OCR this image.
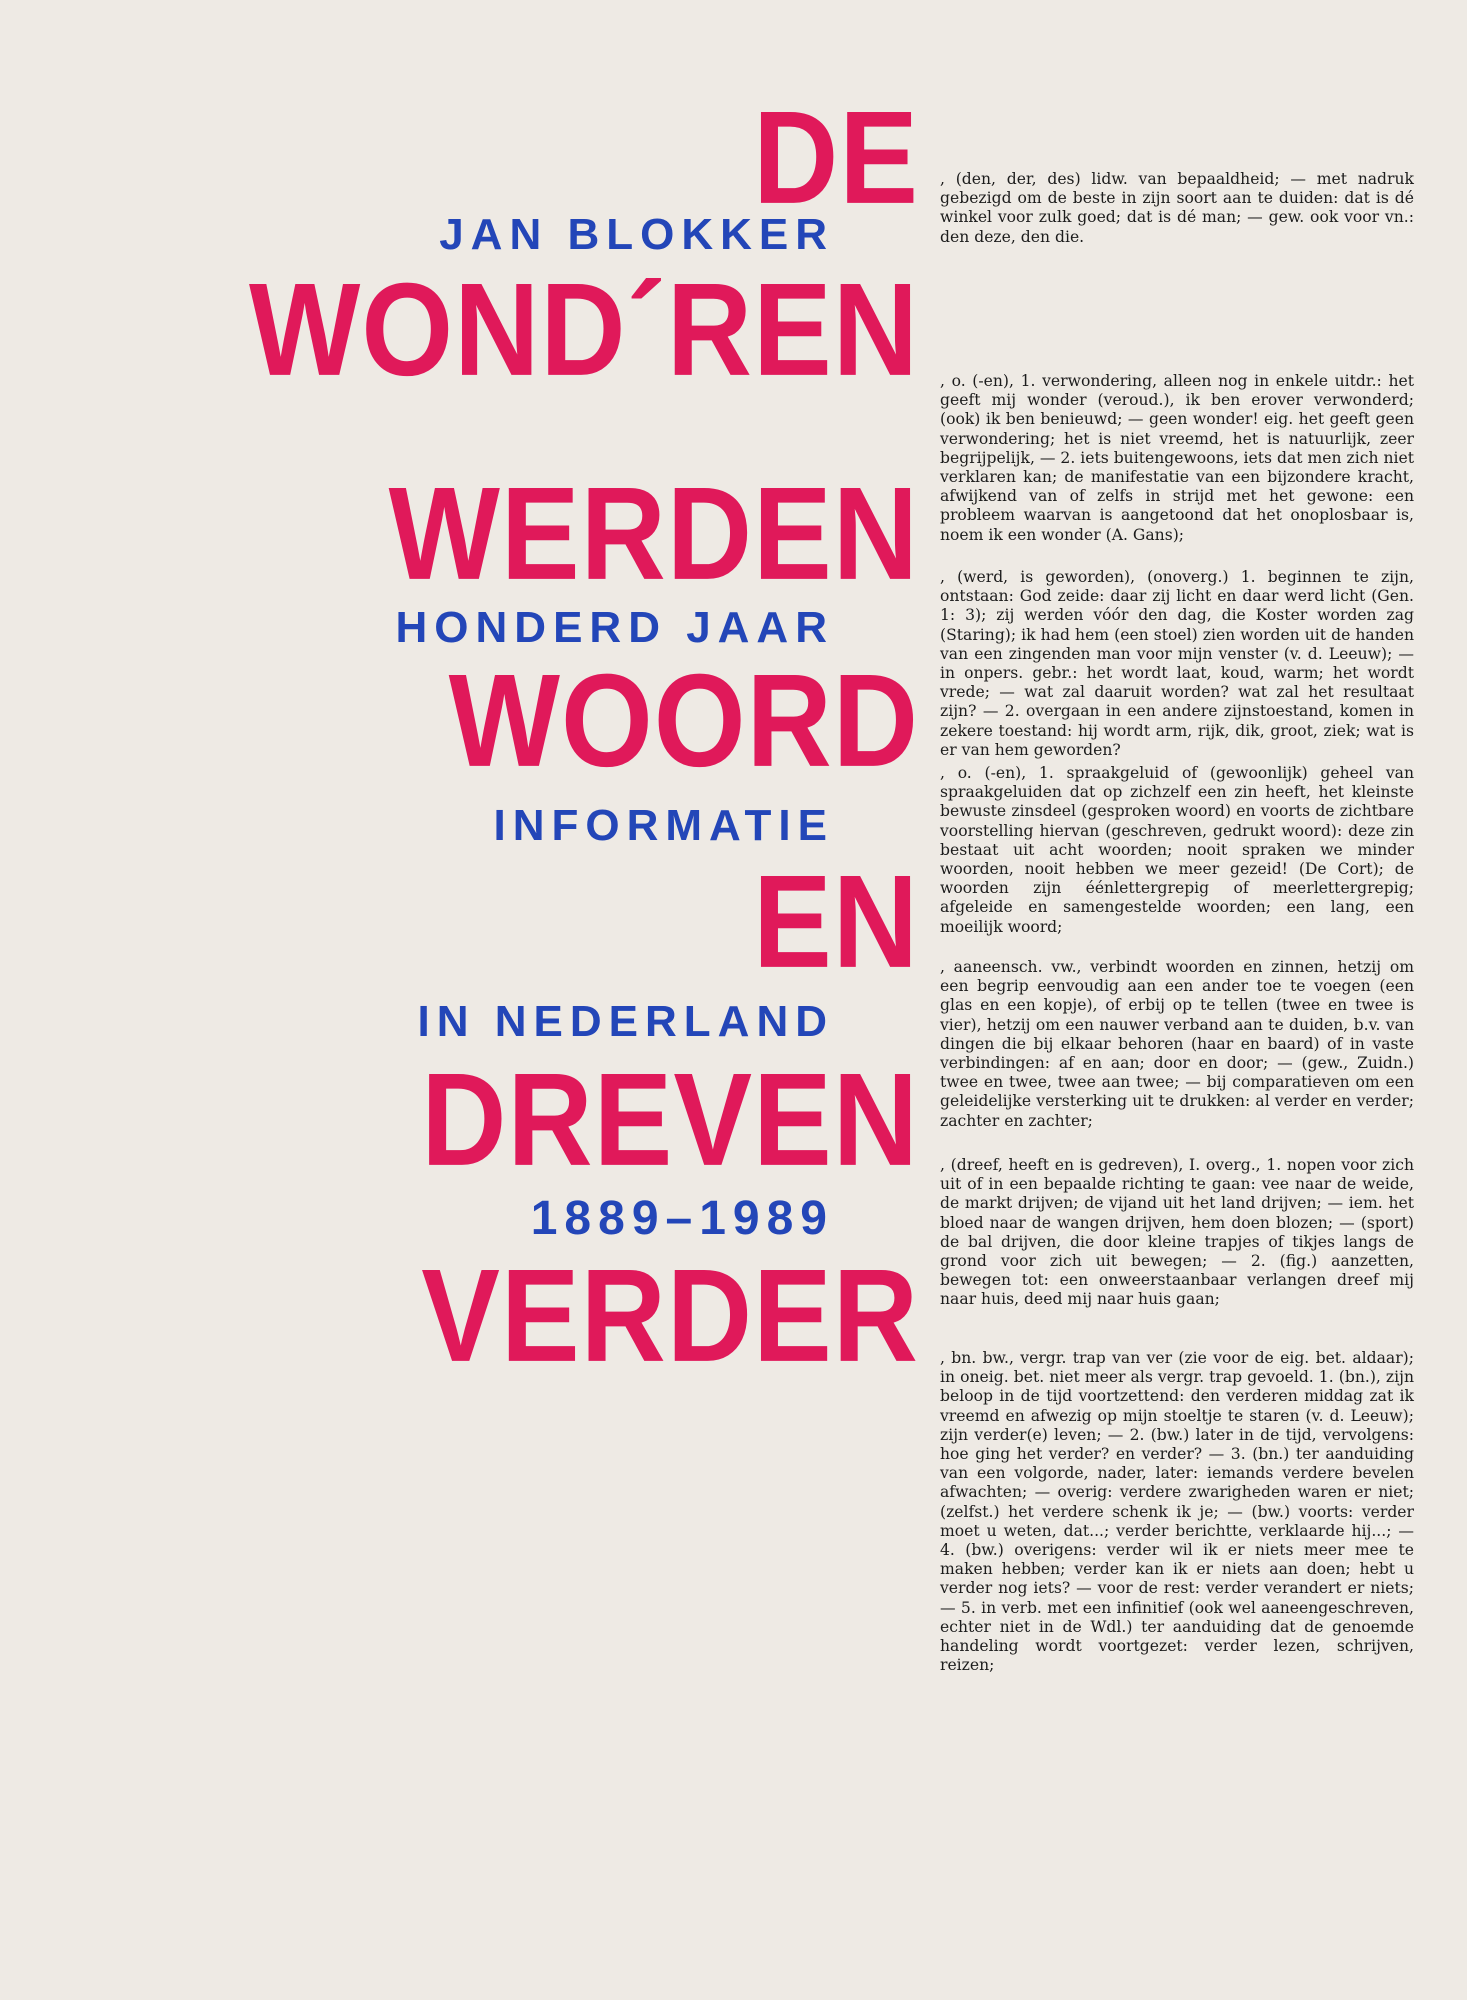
, (den, der, des) lidw. van bepaaldheid; — met nadruk gebezigd om de beste in zijn soort aan te duiden: dat is dé winkel voor zulk goed; dat is dé man; — gew. ook voor vn.: den deze, den die.
, o. (-en), 1. verwondering, alleen nog in enkele uitdr.: het geeft mij wonder (veroud.), ik ben erover verwonderd; (ook) ik ben benieuwd; — geen wonder! eig. het geeft geen verwondering; het is niet vreemd, het is natuurlijk, zeer begrijpelijk, — 2. iets buitengewoons, iets dat men zich niet verklaren kan; de manifestatie van een bijzondere kracht, afwijkend van of zelfs in strijd met het gewone: een probleem waarvan is aangetoond dat het onoplosbaar is, noem ik een wonder (A. Gans);
, (werd, is geworden), (onoverg.) 1. beginnen te zijn, ontstaan: God zeide: daar zij licht en daar werd licht (Gen. 1: 3); zij werden vóór den dag, die Koster worden zag (Staring); ik had hem (een stoel) zien worden uit de handen van een zingenden man voor mijn venster (v. d. Leeuw); — in onpers. gebr.: het wordt laat, koud, warm; het wordt vrede; — wat zal daaruit worden? wat zal het resultaat zijn? — 2. overgaan in een andere zijnstoestand, komen in zekere toestand: hij wordt arm, rijk, dik, groot, ziek; wat is er van hem geworden?
, o. (-en), 1. spraakgeluid of (gewoonlijk) geheel van spraakgeluiden dat op zichzelf een zin heeft, het kleinste bewuste zinsdeel (gesproken woord) en voorts de zichtbare voorstelling hiervan (geschreven, gedrukt woord): deze zin bestaat uit acht woorden; nooit spraken we minder woorden, nooit hebben we meer gezeid! (De Cort); de woorden zijn éénlettergrepig of meerlettergrepig; afgeleide en samengestelde woorden; een lang, een moeilijk woord;
, aaneensch. vw., verbindt woorden en zinnen, hetzij om een begrip eenvoudig aan een ander toe te voegen (een glas en een kopje), of erbij op te tellen (twee en twee is vier), hetzij om een nauwer verband aan te duiden, b.v. van dingen die bij elkaar behoren (haar en baard) of in vaste verbindingen: af en aan; door en door; — (gew., Zuidn.) twee en twee, twee aan twee; — bij comparatieven om een geleidelijke versterking uit te drukken: al verder en verder; zachter en zachter;
, (dreef, heeft en is gedreven), I. overg., 1. nopen voor zich uit of in een bepaalde richting te gaan: vee naar de weide, de markt drijven; de vijand uit het land drijven; — iem. het bloed naar de wangen drijven, hem doen blozen; — (sport) de bal drijven, die door kleine trapjes of tikjes langs de grond voor zich uit bewegen; — 2. (fig.) aanzetten, bewegen tot: een onweerstaanbaar verlangen dreef mij naar huis, deed mij naar huis gaan;
, bn. bw., vergr. trap van ver (zie voor de eig. bet. aldaar); in oneig. bet. niet meer als vergr. trap gevoeld. 1. (bn.), zijn beloop in de tijd voortzettend: den verderen middag zat ik vreemd en afwezig op mijn stoeltje te staren (v. d. Leeuw); zijn verder(e) leven; — 2. (bw.) later in de tijd, vervolgens: hoe ging het verder? en verder? — 3. (bn.) ter aanduiding van een volgorde, nader, later: iemands verdere bevelen afwachten; — overig: verdere zwarigheden waren er niet; (zelfst.) het verdere schenk ik je; — (bw.) voorts: verder moet u weten, dat...; verder berichtte, verklaarde hij...; — 4. (bw.) overigens: verder wil ik er niets meer mee te maken hebben; verder kan ik er niets aan doen; hebt u verder nog iets? — voor de rest: verder verandert er niets; — 5. in verb. met een infinitief (ook wel aaneengeschreven, echter niet in de Wdl.) ter aanduiding dat de genoemde handeling wordt voortgezet: verder lezen, schrijven, reizen;
DE
WOND´REN
WERDEN
WOORD
EN
DREVEN
VERDER
JAN BLOKKER
HONDERD JAAR
INFORMATIE
IN NEDERLAND
1889–1989
